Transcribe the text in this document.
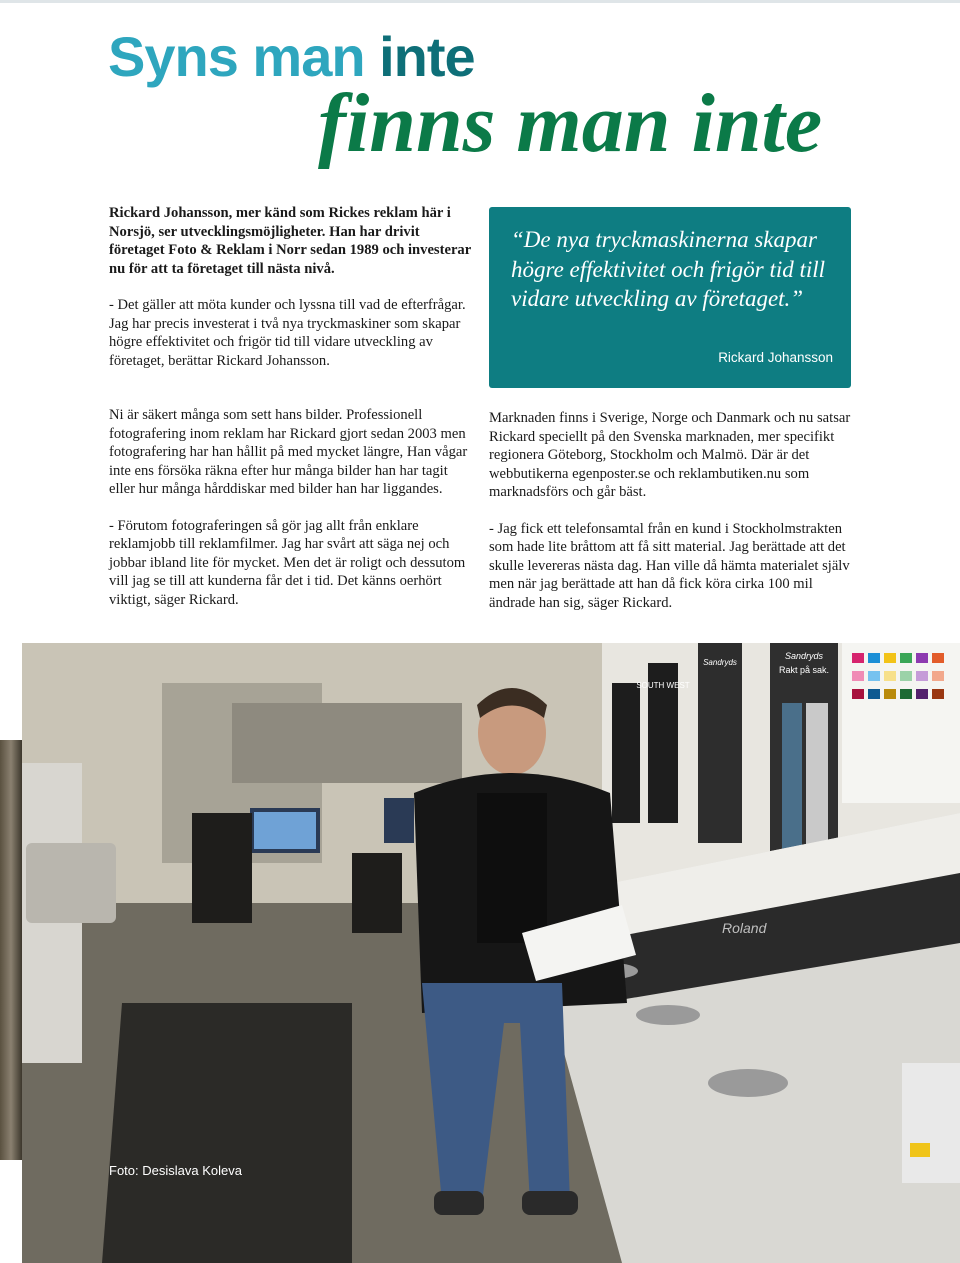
Syns man inte
finns man inte

Rickard Johansson, mer känd som Rickes reklam här i Norsjö, ser utvecklingsmöjligheter. Han har drivit företaget Foto & Reklam i Norr sedan 1989 och investerar nu för att ta företaget till nästa nivå.

- Det gäller att möta kunder och lyssna till vad de efterfrågar. Jag har precis investerat i två nya tryckmaskiner som skapar högre effektivitet och frigör tid till vidare utveckling av företaget, berättar Rickard Johansson.

Ni är säkert många som sett hans bilder. Professionell fotografering inom reklam har Rickard gjort sedan 2003 men fotografering har han hållit på med mycket längre, Han vågar inte ens försöka räkna efter hur många bilder han har tagit eller hur många hårddiskar med bilder han har liggandes.

- Förutom fotograferingen så gör jag allt från enklare reklamjobb till reklamfilmer. Jag har svårt att säga nej och jobbar ibland lite för mycket. Men det är roligt och dessutom vill jag se till att kunderna får det i tid. Det känns oerhört viktigt, säger Rickard.

“De nya tryckmaskinerna skapar högre effektivitet och frigör tid till vidare utveckling av företaget.”

Rickard Johansson

Marknaden finns i Sverige, Norge och Danmark och nu satsar Rickard speciellt på den Svenska marknaden, mer specifikt regionera Göteborg, Stockholm och Malmö. Där är det webbutikerna egenposter.se och reklambutiken.nu som marknadsförs och går bäst.

- Jag fick ett telefonsamtal från en kund i Stockholmstrakten som hade lite bråttom att få sitt material. Jag berättade att det skulle levereras nästa dag. Han ville då hämta materialet själv men när jag berättade att han då fick köra cirka 100 mil ändrade han sig, säger Rickard.

SOUTH WEST
Sandryds
Sandryds
Rakt på sak.
Roland
Foto: Desislava Koleva
